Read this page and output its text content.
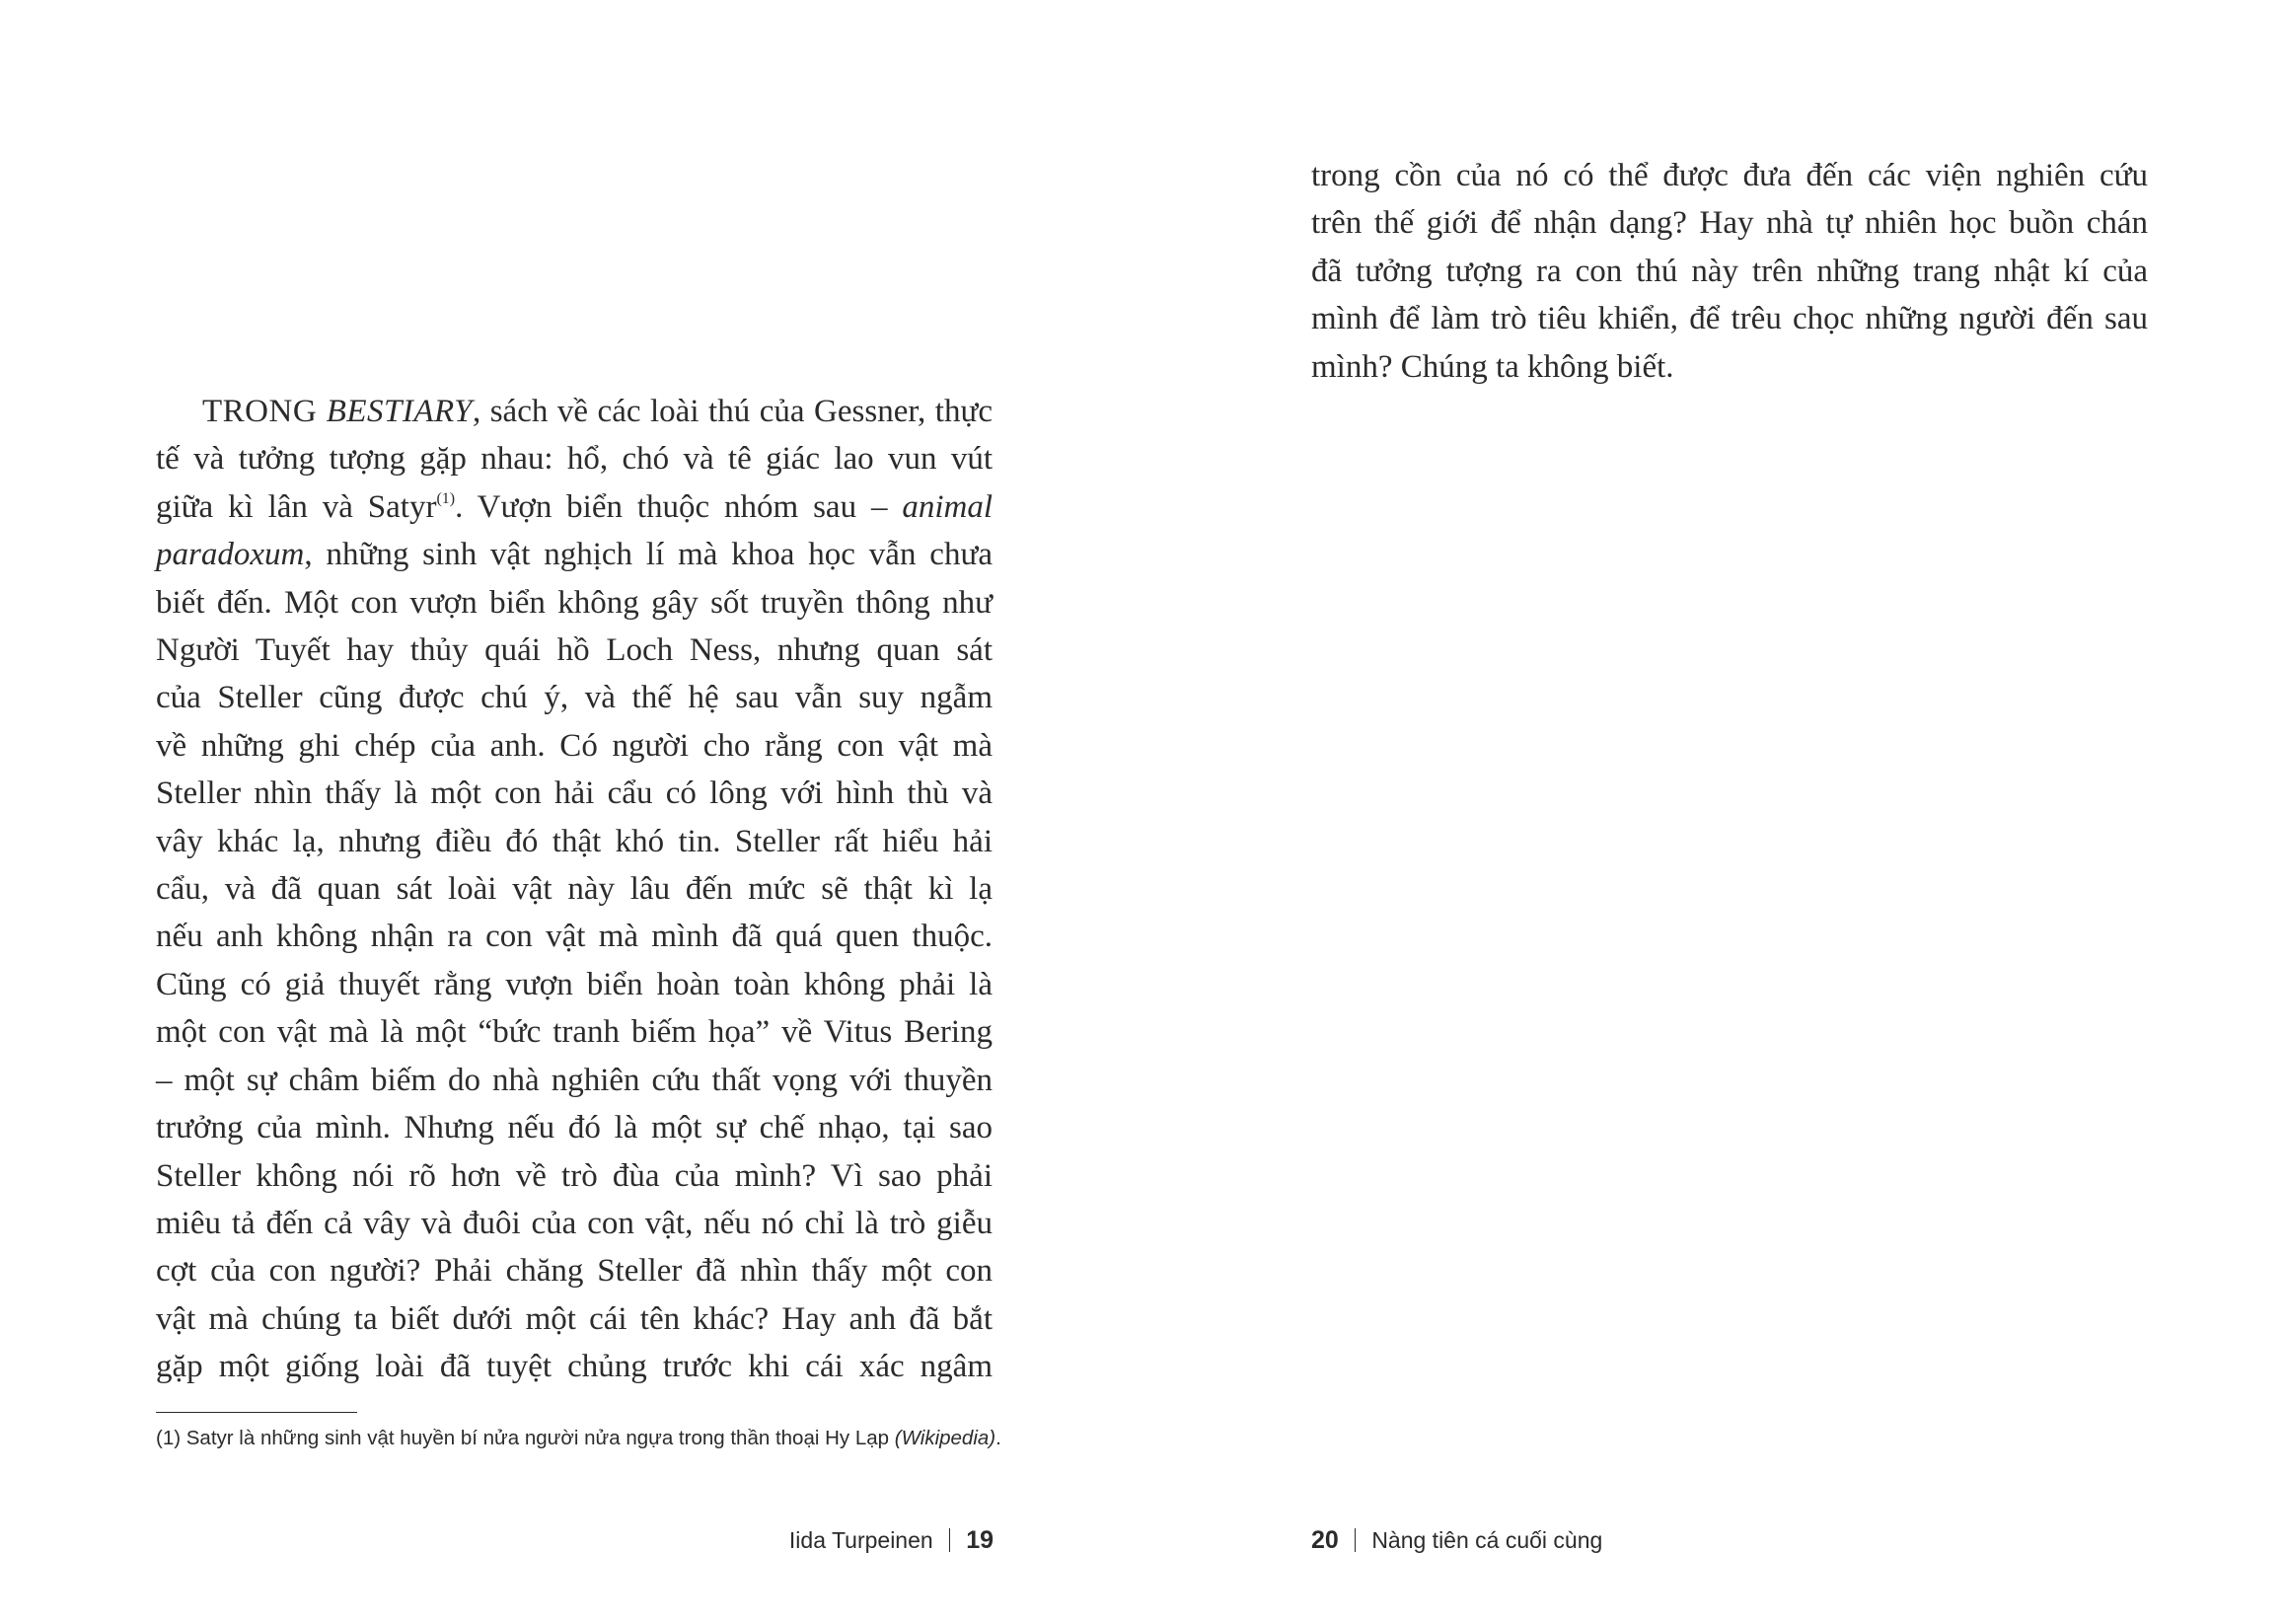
TRONG BESTIARY, sách về các loài thú của Gessner, thực
tế và tưởng tượng gặp nhau: hổ, chó và tê giác lao vun vút
giữa kì lân và Satyr$^{(1)}$. Vượn biển thuộc nhóm sau – animal
paradoxum, những sinh vật nghịch lí mà khoa học vẫn chưa
biết đến. Một con vượn biển không gây sốt truyền thông như
Người Tuyết hay thủy quái hồ Loch Ness, nhưng quan sát
của Steller cũng được chú ý, và thế hệ sau vẫn suy ngẫm
về những ghi chép của anh. Có người cho rằng con vật mà
Steller nhìn thấy là một con hải cẩu có lông với hình thù và
vây khác lạ, nhưng điều đó thật khó tin. Steller rất hiểu hải
cẩu, và đã quan sát loài vật này lâu đến mức sẽ thật kì lạ
nếu anh không nhận ra con vật mà mình đã quá quen thuộc.
Cũng có giả thuyết rằng vượn biển hoàn toàn không phải là
một con vật mà là một “bức tranh biếm họa” về Vitus Bering
– một sự châm biếm do nhà nghiên cứu thất vọng với thuyền
trưởng của mình. Nhưng nếu đó là một sự chế nhạo, tại sao
Steller không nói rõ hơn về trò đùa của mình? Vì sao phải
miêu tả đến cả vây và đuôi của con vật, nếu nó chỉ là trò giễu
cợt của con người? Phải chăng Steller đã nhìn thấy một con
vật mà chúng ta biết dưới một cái tên khác? Hay anh đã bắt
gặp một giống loài đã tuyệt chủng trước khi cái xác ngâm

(1) Satyr là những sinh vật huyền bí nửa người nửa ngựa trong thần thoại Hy Lạp (Wikipedia).

Iida Turpeinen 19
trong cồn của nó có thể được đưa đến các viện nghiên cứu
trên thế giới để nhận dạng? Hay nhà tự nhiên học buồn chán
đã tưởng tượng ra con thú này trên những trang nhật kí của
mình để làm trò tiêu khiển, để trêu chọc những người đến sau
mình? Chúng ta không biết.
20 Nàng tiên cá cuối cùng
